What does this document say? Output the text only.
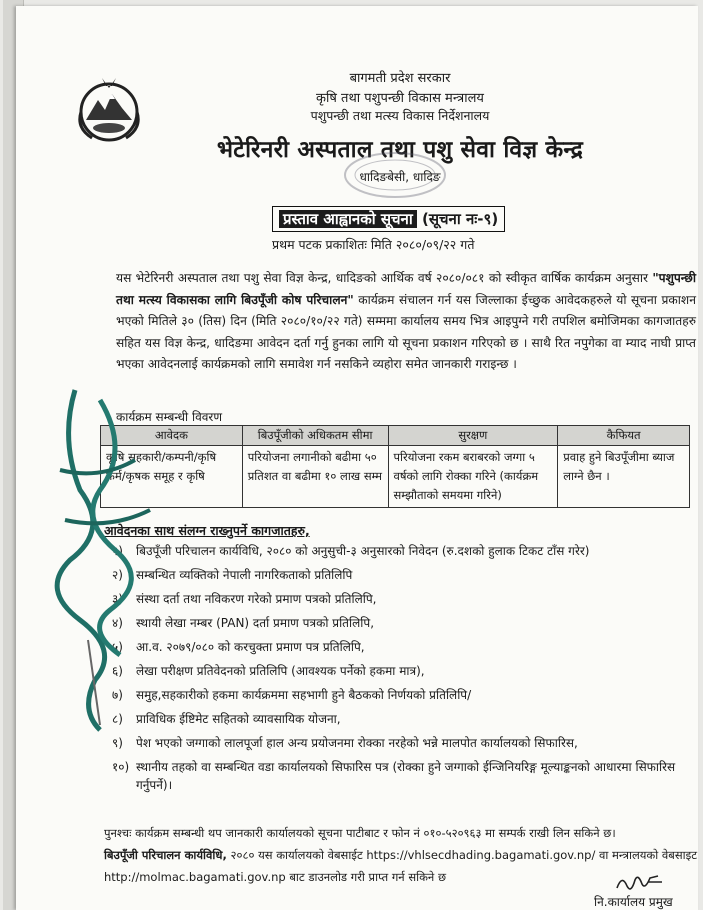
बागमती प्रदेश सरकार
कृषि तथा पशुपन्छी विकास मन्त्रालय
पशुपन्छी तथा मत्स्य विकास निर्देशनालय
भेटेरिनरी अस्पताल तथा पशु सेवा विज्ञ केन्द्र
धादिङबेसी, धादिङ
प्रस्ताव आह्वानको सूचना (सूचना नः-९)
प्रथम पटक प्रकाशितः मिति २०८०/०९/२२ गते
यस भेटेरिनरी अस्पताल तथा पशु सेवा विज्ञ केन्द्र, धादिङको आर्थिक वर्ष २०८०/०८१ को स्वीकृत वार्षिक कार्यक्रम अनुसार "पशुपन्छी तथा मत्स्य विकासका लागि बिउपूँजी कोष परिचालन" कार्यक्रम संचालन गर्न यस जिल्लाका ईच्छुक आवेदकहरुले यो सूचना प्रकाशन भएको मितिले ३० (तिस) दिन (मिति २०८०/१०/२२ गते) सम्ममा कार्यालय समय भित्र आइपुग्ने गरी तपशिल बमोजिमका कागजातहरु सहित यस विज्ञ केन्द्र, धादिङमा आवेदन दर्ता गर्नु हुनका लागि यो सूचना प्रकाशन गरिएको छ । साथै रित नपुगेका वा म्याद नाघी प्राप्त भएका आवेदनलाई कार्यक्रमको लागि समावेश गर्न नसकिने व्यहोरा समेत जानकारी गराइन्छ ।
कार्यक्रम सम्बन्धी विवरण
आवेदक	बिउपूँजीको अधिकतम सीमा	सुरक्षण	कैफियत
कृषि सहकारी/कम्पनी/कृषि फर्म/कृषक समूह र कृषि	परियोजना लगानीको बढीमा ५० प्रतिशत वा बढीमा १० लाख सम्म	परियोजना रकम बराबरको जग्गा ५ वर्षको लागि रोक्का गरिने (कार्यक्रम सम्झौताको समयमा गरिने)	प्रवाह हुने बिउपूँजीमा ब्याज लाग्ने छैन ।
आवेदनका साथ संलग्न राख्नुपर्ने कागजातहरु,
१)	बिउपूँजी परिचालन कार्यविधि, २०८० को अनुसुची-३ अनुसारको निवेदन (रु.दशको हुलाक टिकट टाँस गरेर)
२)	सम्बन्धित व्यक्तिको नेपाली नागरिकताको प्रतिलिपि
३)	संस्था दर्ता तथा नविकरण गरेको प्रमाण पत्रको प्रतिलिपि,
४)	स्थायी लेखा नम्बर (PAN) दर्ता प्रमाण पत्रको प्रतिलिपि,
५)	आ.व. २०७९/०८० को करचुक्ता प्रमाण पत्र प्रतिलिपि,
६)	लेखा परीक्षण प्रतिवेदनको प्रतिलिपि (आवश्यक पर्नेको हकमा मात्र),
७)	समुह,सहकारीको हकमा कार्यक्रममा सहभागी हुने बैठकको निर्णयको प्रतिलिपि/
८)	प्राविधिक ईष्टिमेट सहितको व्यावसायिक योजना,
९)	पेश भएको जग्गाको लालपूर्जा हाल अन्य प्रयोजनमा रोक्का नरहेको भन्ने मालपोत कार्यालयको सिफारिस,
१०) स्थानीय तहको वा सम्बन्धित वडा कार्यालयको सिफारिस पत्र (रोक्का हुने जग्गाको ईन्जिनियरिङ्ग मूल्याङ्कनको आधारमा सिफारिस गर्नुपर्ने)।
पुनश्चः कार्यक्रम सम्बन्धी थप जानकारी कार्यालयको सूचना पाटीबाट र फोन नं ०१०-५२०९६३ मा सम्पर्क राखी लिन सकिने छ।
बिउपूँजी परिचालन कार्यविधि, २०८० यस कार्यालयको वेबसाईट https://vhlsecdhading.bagamati.gov.np/ वा मन्त्रालयको वेबसाइट http://molmac.bagamati.gov.np बाट डाउनलोड गरी प्राप्त गर्न सकिने छ
नि.कार्यालय प्रमुख
